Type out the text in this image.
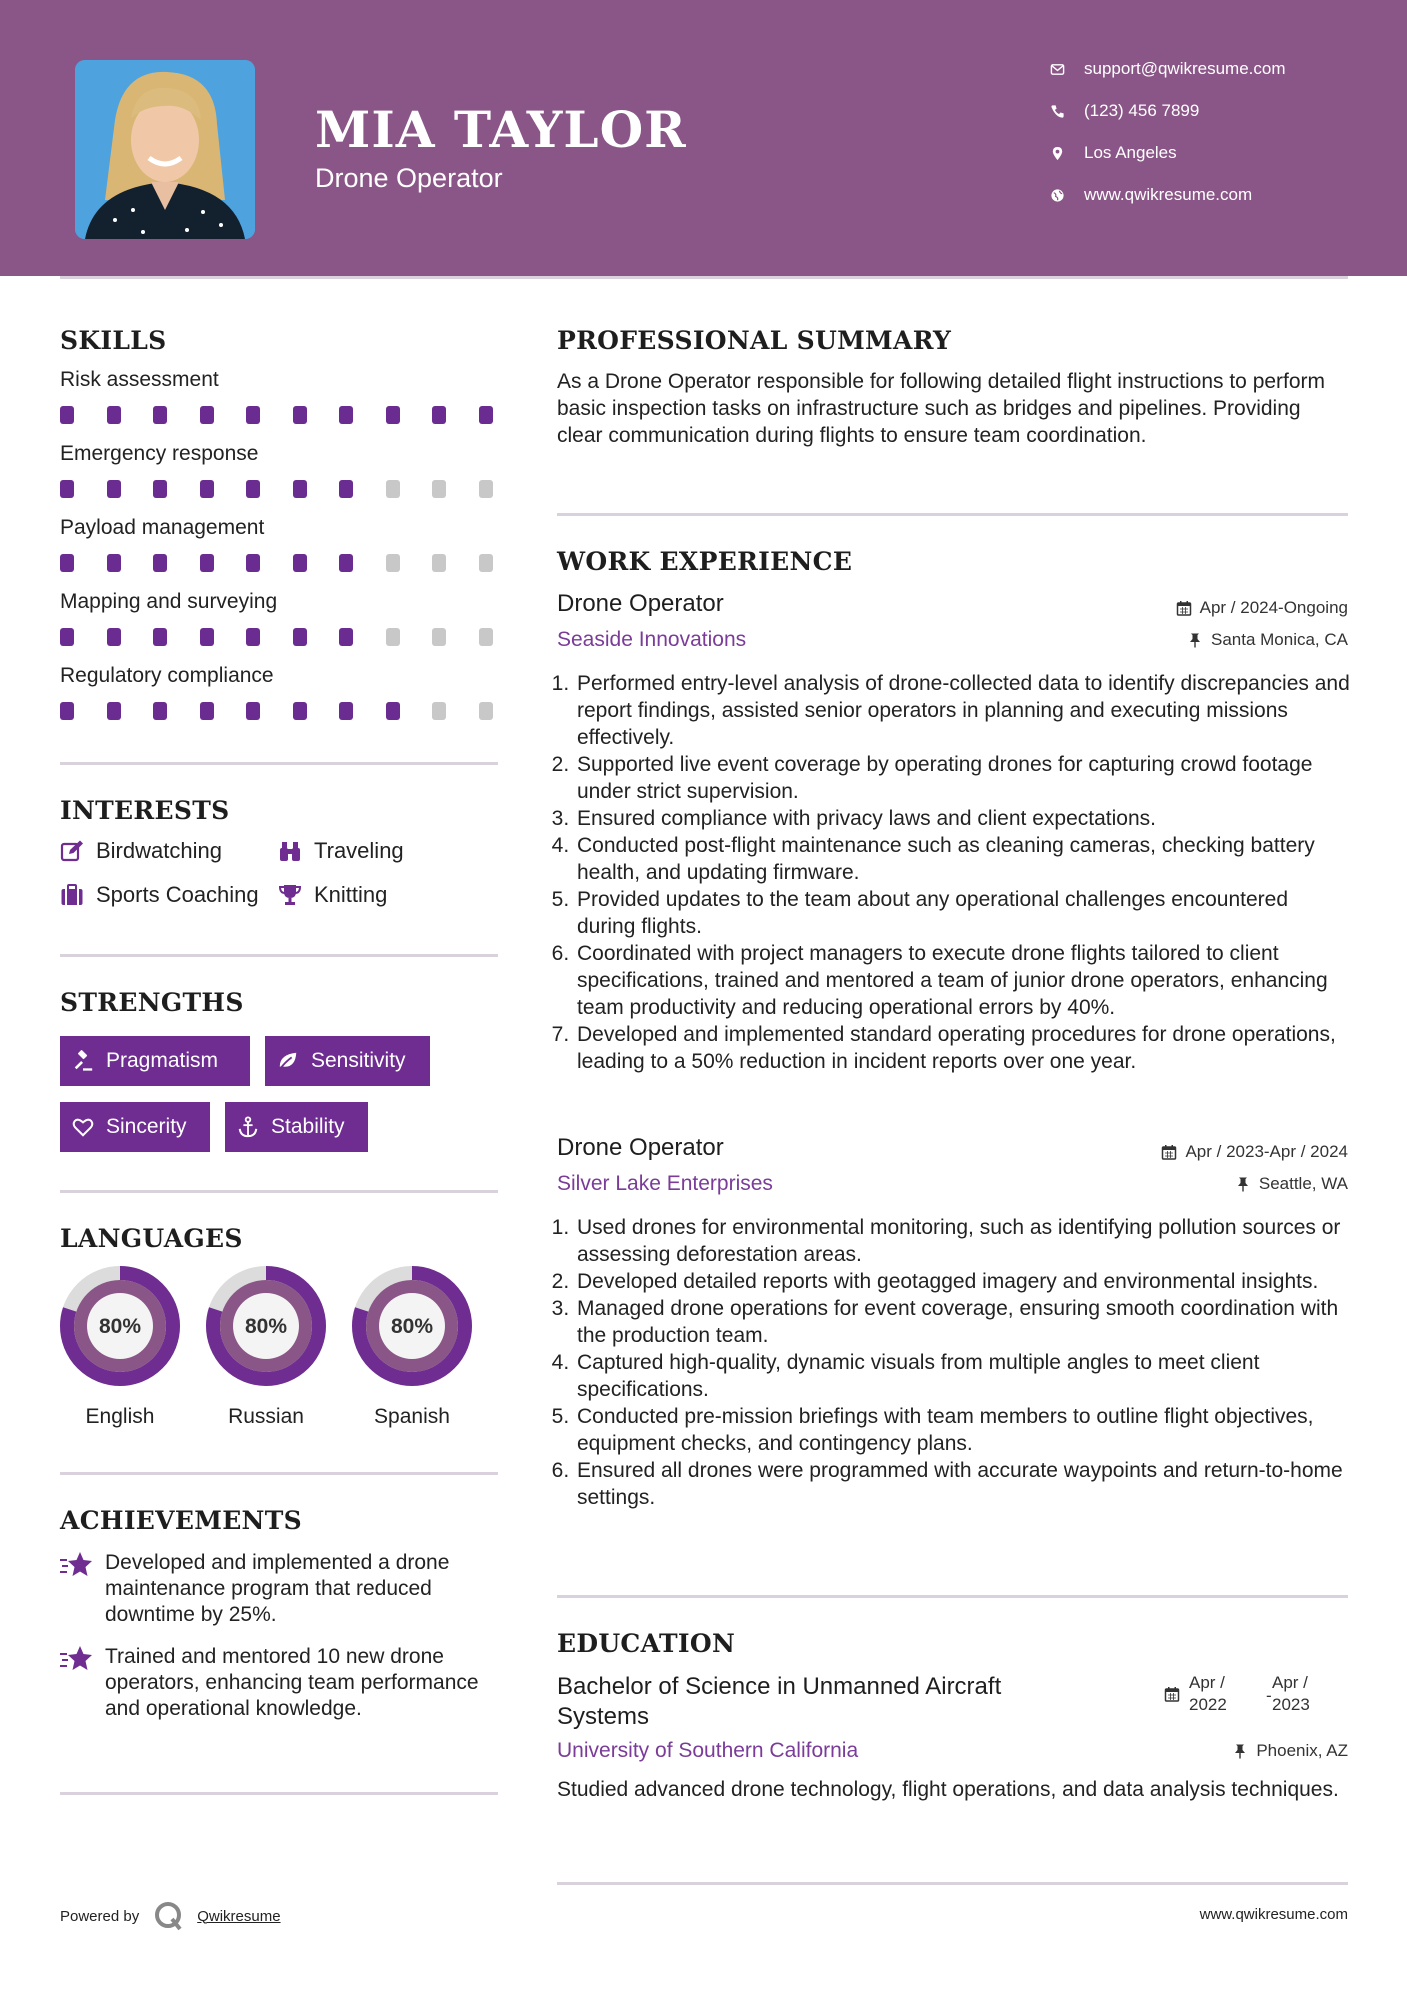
MIA TAYLOR
Drone Operator
support@qwikresume.com
(123) 456 7899
Los Angeles
www.qwikresume.com
SKILLS
Risk assessment
Emergency response
Payload management
Mapping and surveying
Regulatory compliance
INTERESTS
Birdwatching	Traveling
Sports Coaching	Knitting
STRENGTHS
Pragmatism	Sensitivity
Sincerity	Stability
LANGUAGES
80%
English
80%
Russian
80%
Spanish
ACHIEVEMENTS
Developed and implemented a drone maintenance program that reduced downtime by 25%.
Trained and mentored 10 new drone operators, enhancing team performance and operational knowledge.
PROFESSIONAL SUMMARY
As a Drone Operator responsible for following detailed flight instructions to perform basic inspection tasks on infrastructure such as bridges and pipelines. Providing clear communication during flights to ensure team coordination.
WORK EXPERIENCE
Drone Operator	Apr / 2024-Ongoing
Seaside Innovations	Santa Monica, CA
1. Performed entry-level analysis of drone-collected data to identify discrepancies and report findings, assisted senior operators in planning and executing missions effectively.
2. Supported live event coverage by operating drones for capturing crowd footage under strict supervision.
3. Ensured compliance with privacy laws and client expectations.
4. Conducted post-flight maintenance such as cleaning cameras, checking battery health, and updating firmware.
5. Provided updates to the team about any operational challenges encountered during flights.
6. Coordinated with project managers to execute drone flights tailored to client specifications, trained and mentored a team of junior drone operators, enhancing team productivity and reducing operational errors by 40%.
7. Developed and implemented standard operating procedures for drone operations, leading to a 50% reduction in incident reports over one year.
Drone Operator	Apr / 2023-Apr / 2024
Silver Lake Enterprises	Seattle, WA
1. Used drones for environmental monitoring, such as identifying pollution sources or assessing deforestation areas.
2. Developed detailed reports with geotagged imagery and environmental insights.
3. Managed drone operations for event coverage, ensuring smooth coordination with the production team.
4. Captured high-quality, dynamic visuals from multiple angles to meet client specifications.
5. Conducted pre-mission briefings with team members to outline flight objectives, equipment checks, and contingency plans.
6. Ensured all drones were programmed with accurate waypoints and return-to-home settings.
EDUCATION
Bachelor of Science in Unmanned Aircraft
Systems
Apr /
2022 -
Apr /
2023
University of Southern California	Phoenix, AZ
Studied advanced drone technology, flight operations, and data analysis techniques.
Powered by	Qwikresume	www.qwikresume.com
